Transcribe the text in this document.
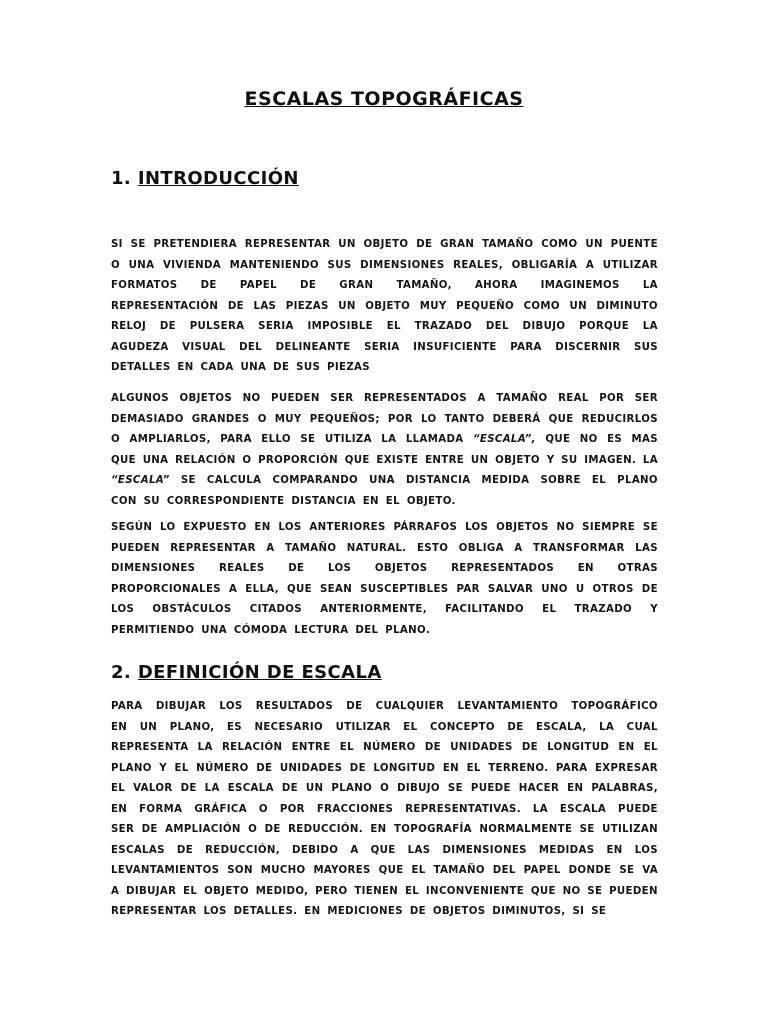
ESCALAS TOPOGRÁFICAS
1. INTRODUCCIÓN
SI SE PRETENDIERA REPRESENTAR UN OBJETO DE GRAN TAMAÑO COMO UN PUENTE
O UNA VIVIENDA MANTENIENDO SUS DIMENSIONES REALES, OBLIGARÍA A UTILIZAR
FORMATOS DE PAPEL DE GRAN TAMAÑO, AHORA IMAGINEMOS LA
REPRESENTACIÓN DE LAS PIEZAS UN OBJETO MUY PEQUEÑO COMO UN DIMINUTO
RELOJ DE PULSERA SERIA IMPOSIBLE EL TRAZADO DEL DIBUJO PORQUE LA
AGUDEZA VISUAL DEL DELINEANTE SERIA INSUFICIENTE PARA DISCERNIR SUS
DETALLES EN CADA UNA DE SUS PIEZAS
ALGUNOS OBJETOS NO PUEDEN SER REPRESENTADOS A TAMAÑO REAL POR SER
DEMASIADO GRANDES O MUY PEQUEÑOS; POR LO TANTO DEBERÁ QUE REDUCIRLOS
O AMPLIARLOS, PARA ELLO SE UTILIZA LA LLAMADA “ESCALA”, QUE NO ES MAS
QUE UNA RELACIÓN O PROPORCIÓN QUE EXISTE ENTRE UN OBJETO Y SU IMAGEN. LA
“ESCALA” SE CALCULA COMPARANDO UNA DISTANCIA MEDIDA SOBRE EL PLANO
CON SU CORRESPONDIENTE DISTANCIA EN EL OBJETO.
SEGÚN LO EXPUESTO EN LOS ANTERIORES PÁRRAFOS LOS OBJETOS NO SIEMPRE SE
PUEDEN REPRESENTAR A TAMAÑO NATURAL. ESTO OBLIGA A TRANSFORMAR LAS
DIMENSIONES REALES DE LOS OBJETOS REPRESENTADOS EN OTRAS
PROPORCIONALES A ELLA, QUE SEAN SUSCEPTIBLES PAR SALVAR UNO U OTROS DE
LOS OBSTÁCULOS CITADOS ANTERIORMENTE, FACILITANDO EL TRAZADO Y
PERMITIENDO UNA CÓMODA LECTURA DEL PLANO.
2. DEFINICIÓN DE ESCALA
PARA DIBUJAR LOS RESULTADOS DE CUALQUIER LEVANTAMIENTO TOPOGRÁFICO
EN UN PLANO, ES NECESARIO UTILIZAR EL CONCEPTO DE ESCALA, LA CUAL
REPRESENTA LA RELACIÓN ENTRE EL NÚMERO DE UNIDADES DE LONGITUD EN EL
PLANO Y EL NÚMERO DE UNIDADES DE LONGITUD EN EL TERRENO. PARA EXPRESAR
EL VALOR DE LA ESCALA DE UN PLANO O DIBUJO SE PUEDE HACER EN PALABRAS,
EN FORMA GRÁFICA O POR FRACCIONES REPRESENTATIVAS. LA ESCALA PUEDE
SER DE AMPLIACIÓN O DE REDUCCIÓN. EN TOPOGRAFÍA NORMALMENTE SE UTILIZAN
ESCALAS DE REDUCCIÓN, DEBIDO A QUE LAS DIMENSIONES MEDIDAS EN LOS
LEVANTAMIENTOS SON MUCHO MAYORES QUE EL TAMAÑO DEL PAPEL DONDE SE VA
A DIBUJAR EL OBJETO MEDIDO, PERO TIENEN EL INCONVENIENTE QUE NO SE PUEDEN
REPRESENTAR LOS DETALLES. EN MEDICIONES DE OBJETOS DIMINUTOS, SI SE
